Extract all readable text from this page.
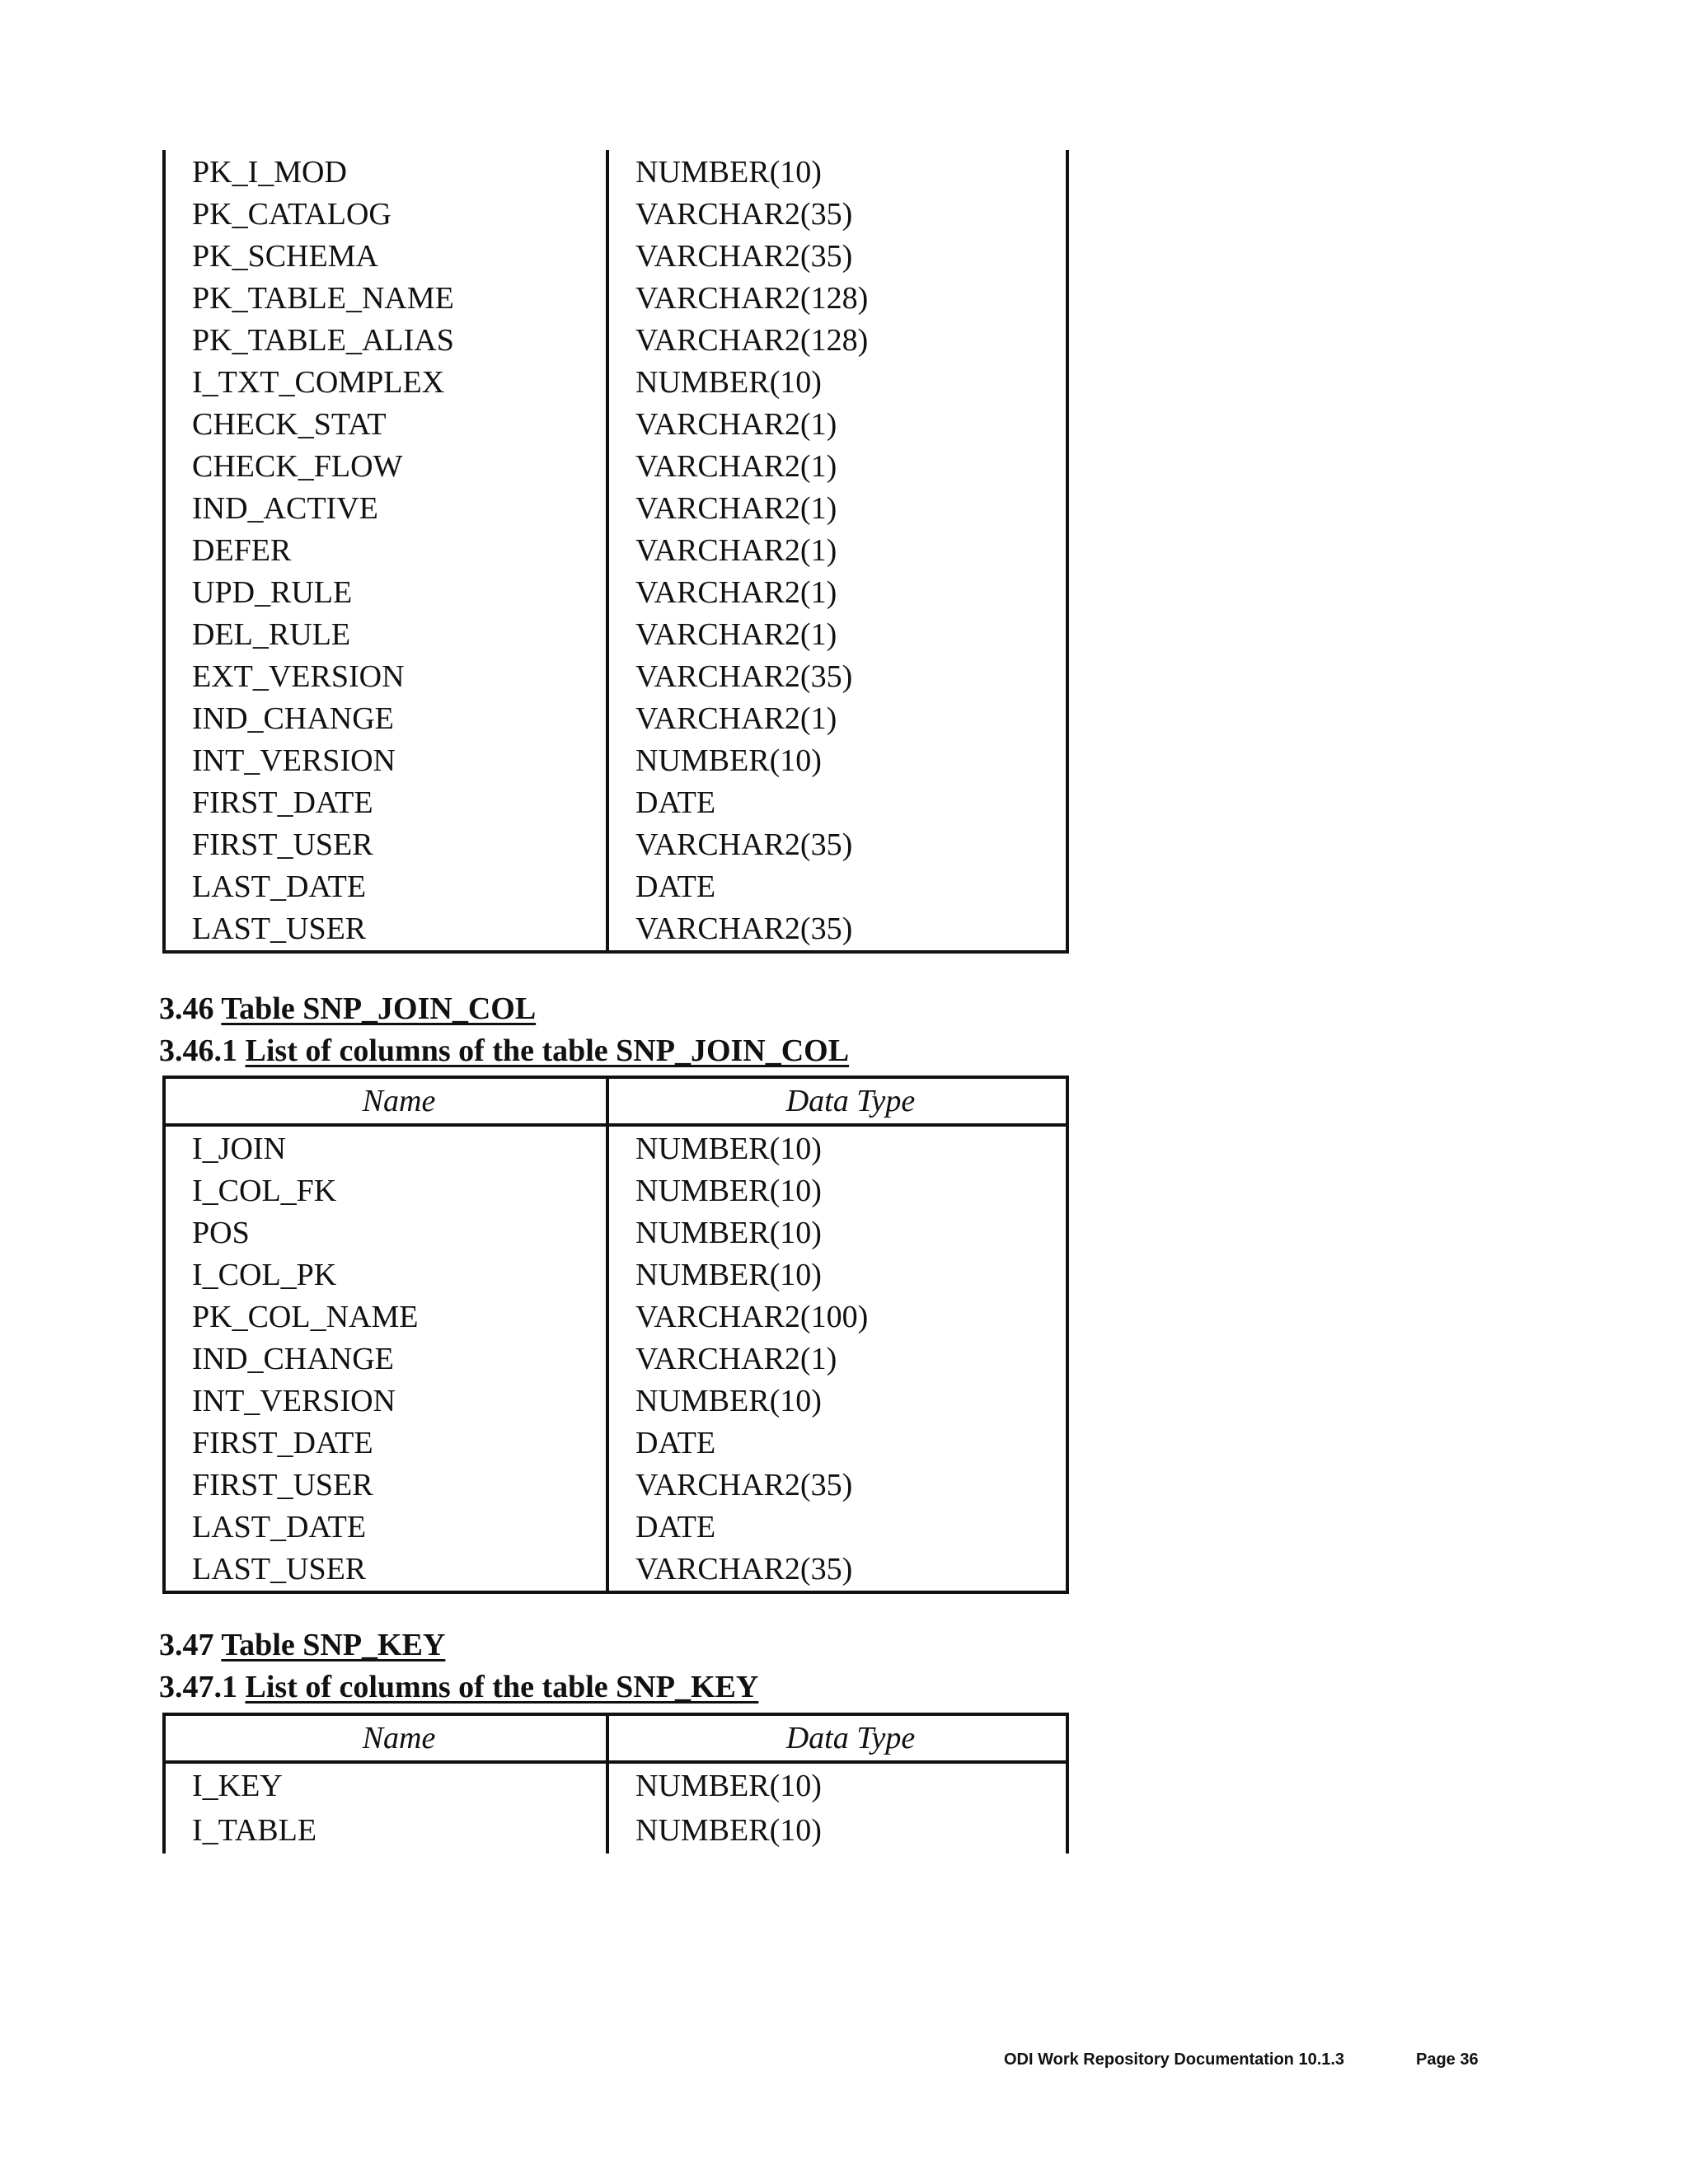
PK_I_MOD	NUMBER(10)
PK_CATALOG	VARCHAR2(35)
PK_SCHEMA	VARCHAR2(35)
PK_TABLE_NAME	VARCHAR2(128)
PK_TABLE_ALIAS	VARCHAR2(128)
I_TXT_COMPLEX	NUMBER(10)
CHECK_STAT	VARCHAR2(1)
CHECK_FLOW	VARCHAR2(1)
IND_ACTIVE	VARCHAR2(1)
DEFER	VARCHAR2(1)
UPD_RULE	VARCHAR2(1)
DEL_RULE	VARCHAR2(1)
EXT_VERSION	VARCHAR2(35)
IND_CHANGE	VARCHAR2(1)
INT_VERSION	NUMBER(10)
FIRST_DATE	DATE
FIRST_USER	VARCHAR2(35)
LAST_DATE	DATE
LAST_USER	VARCHAR2(35)
3.46 Table SNP_JOIN_COL
3.46.1 List of columns of the table SNP_JOIN_COL
Name	Data Type
I_JOIN	NUMBER(10)
I_COL_FK	NUMBER(10)
POS	NUMBER(10)
I_COL_PK	NUMBER(10)
PK_COL_NAME	VARCHAR2(100)
IND_CHANGE	VARCHAR2(1)
INT_VERSION	NUMBER(10)
FIRST_DATE	DATE
FIRST_USER	VARCHAR2(35)
LAST_DATE	DATE
LAST_USER	VARCHAR2(35)
3.47 Table SNP_KEY
3.47.1 List of columns of the table SNP_KEY
Name	Data Type
I_KEY	NUMBER(10)
I_TABLE	NUMBER(10)
ODI Work Repository Documentation 10.1.3	Page 36
